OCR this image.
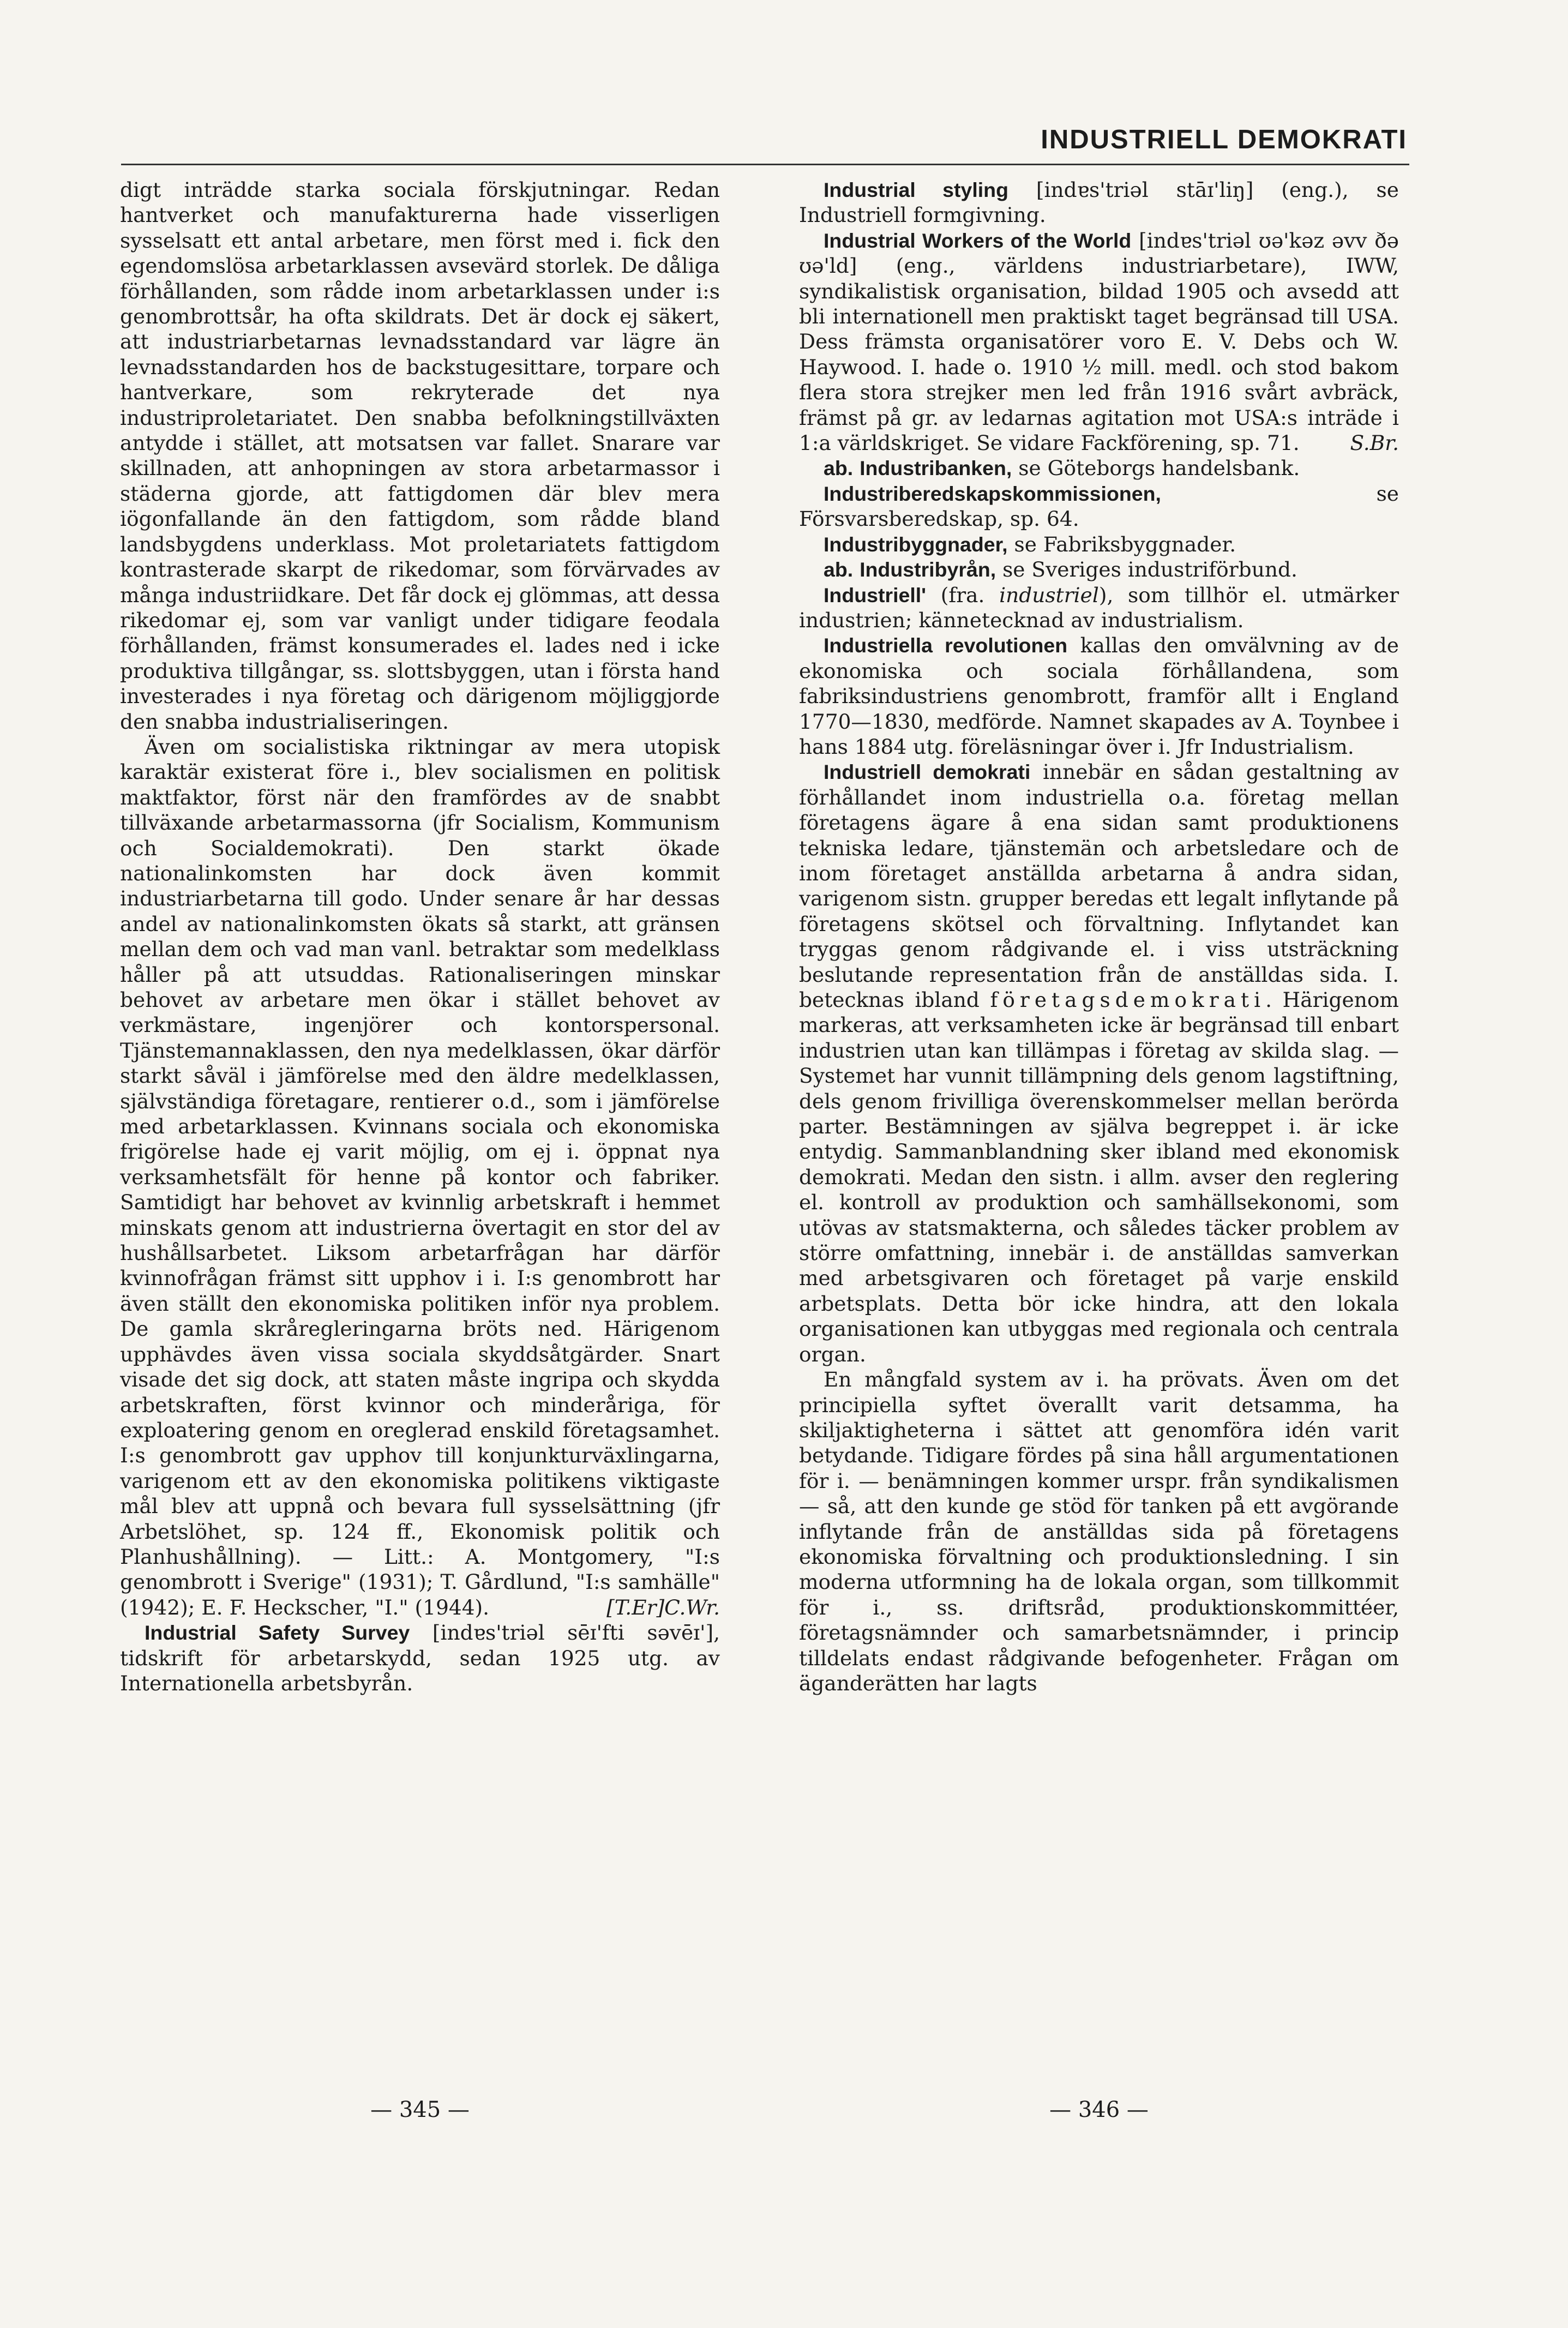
INDUSTRIELL DEMOKRATI

digt inträdde starka sociala förskjutningar. Redan hantverket och manufakturerna hade visserligen sysselsatt ett antal arbetare, men först med i. fick den egendomslösa arbetarklassen avsevärd storlek. De dåliga förhållanden, som rådde inom arbetarklassen under i:s genombrottsår, ha ofta skildrats. Det är dock ej säkert, att industriarbetarnas levnadsstandard var lägre än levnadsstandarden hos de backstugesittare, torpare och hantverkare, som rekryterade det nya industriproletariatet. Den snabba befolkningstillväxten antydde i stället, att motsatsen var fallet. Snarare var skillnaden, att anhopningen av stora arbetarmassor i städerna gjorde, att fattigdomen där blev mera iögonfallande än den fattigdom, som rådde bland landsbygdens underklass. Mot proletariatets fattigdom kontrasterade skarpt de rikedomar, som förvärvades av många industriidkare. Det får dock ej glömmas, att dessa rikedomar ej, som var vanligt under tidigare feodala förhållanden, främst konsumerades el. lades ned i icke produktiva tillgångar, ss. slottsbyggen, utan i första hand investerades i nya företag och därigenom möjliggjorde den snabba industrialiseringen.

Även om socialistiska riktningar av mera utopisk karaktär existerat före i., blev socialismen en politisk maktfaktor, först när den framfördes av de snabbt tillväxande arbetarmassorna (jfr Socialism, Kommunism och Socialdemokrati). Den starkt ökade nationalinkomsten har dock även kommit industriarbetarna till godo. Under senare år har dessas andel av nationalinkomsten ökats så starkt, att gränsen mellan dem och vad man vanl. betraktar som medelklass håller på att utsuddas. Rationaliseringen minskar behovet av arbetare men ökar i stället behovet av verkmästare, ingenjörer och kontorspersonal. Tjänstemannaklassen, den nya medelklassen, ökar därför starkt såväl i jämförelse med den äldre medelklassen, självständiga företagare, rentierer o.d., som i jämförelse med arbetarklassen. Kvinnans sociala och ekonomiska frigörelse hade ej varit möjlig, om ej i. öppnat nya verksamhetsfält för henne på kontor och fabriker. Samtidigt har behovet av kvinnlig arbetskraft i hemmet minskats genom att industrierna övertagit en stor del av hushållsarbetet. Liksom arbetarfrågan har därför kvinnofrågan främst sitt upphov i i. I:s genombrott har även ställt den ekonomiska politiken inför nya problem. De gamla skråregleringarna bröts ned. Härigenom upphävdes även vissa sociala skyddsåtgärder. Snart visade det sig dock, att staten måste ingripa och skydda arbetskraften, först kvinnor och minderåriga, för exploatering genom en oreglerad enskild företagsamhet. I:s genombrott gav upphov till konjunkturväxlingarna, varigenom ett av den ekonomiska politikens viktigaste mål blev att uppnå och bevara full sysselsättning (jfr Arbetslöhet, sp. 124 ff., Ekonomisk politik och Planhushållning). — Litt.: A. Montgomery, "I:s genombrott i Sverige" (1931); T. Gårdlund, "I:s samhälle" (1942); E. F. Heckscher, "I." (1944).	[T.Er]C.Wr.

Industrial Safety Survey [indɐs'triəl sēɪ'fti səvēɪ'], tidskrift för arbetarskydd, sedan 1925 utg. av Internationella arbetsbyrån.

Industrial styling [indɐs'triəl stāɪ'liŋ] (eng.), se Industriell formgivning.

Industrial Workers of the World [indɐs'triəl ʊə'kəz əvv ðə ʊə'ld] (eng., världens industriarbetare), IWW, syndikalistisk organisation, bildad 1905 och avsedd att bli internationell men praktiskt taget begränsad till USA. Dess främsta organisatörer voro E. V. Debs och W. Haywood. I. hade o. 1910 ½ mill. medl. och stod bakom flera stora strejker men led från 1916 svårt avbräck, främst på gr. av ledarnas agitation mot USA:s inträde i 1:a världskriget. Se vidare Fackförening, sp. 71.	S.Br.

ab. Industribanken, se Göteborgs handelsbank.

Industriberedskapskommissionen,	se Försvarsberedskap, sp. 64.

Industribyggnader, se Fabriksbyggnader.

ab. Industribyrån, se Sveriges industriförbund.

Industriell' (fra. industriel), som tillhör el. utmärker industrien; kännetecknad av industrialism.

Industriella revolutionen kallas den omvälvning av de ekonomiska och sociala förhållandena, som fabriksindustriens genombrott, framför allt i England 1770—1830, medförde. Namnet skapades av A. Toynbee i hans 1884 utg. föreläsningar över i. Jfr Industrialism.

Industriell demokrati innebär en sådan gestaltning av förhållandet inom industriella o.a. företag mellan företagens ägare å ena sidan samt produktionens tekniska ledare, tjänstemän och arbetsledare och de inom företaget anställda arbetarna å andra sidan, varigenom sistn. grupper beredas ett legalt inflytande på företagens skötsel och förvaltning. Inflytandet kan tryggas genom rådgivande el. i viss utsträckning beslutande representation från de anställdas sida. I. betecknas ibland företagsdemokrati. Härigenom markeras, att verksamheten icke är begränsad till enbart industrien utan kan tillämpas i företag av skilda slag. — Systemet har vunnit tillämpning dels genom lagstiftning, dels genom frivilliga överenskommelser mellan berörda parter. Bestämningen av själva begreppet i. är icke entydig. Sammanblandning sker ibland med ekonomisk demokrati. Medan den sistn. i allm. avser den reglering el. kontroll av produktion och samhällsekonomi, som utövas av statsmakterna, och således täcker problem av större omfattning, innebär i. de anställdas samverkan med arbetsgivaren och företaget på varje enskild arbetsplats. Detta bör icke hindra, att den lokala organisationen kan utbyggas med regionala och centrala organ.

En mångfald system av i. ha prövats. Även om det principiella syftet överallt varit detsamma, ha skiljaktigheterna i sättet att genomföra idén varit betydande. Tidigare fördes på sina håll argumentationen för i. — benämningen kommer urspr. från syndikalismen — så, att den kunde ge stöd för tanken på ett avgörande inflytande från de anställdas sida på företagens ekonomiska förvaltning och produktionsledning. I sin moderna utformning ha de lokala organ, som tillkommit för i., ss. driftsråd, produktionskommittéer, företagsnämnder och samarbetsnämnder, i princip tilldelats endast rådgivande befogenheter. Frågan om äganderätten har lagts

— 345 —	— 346 —
